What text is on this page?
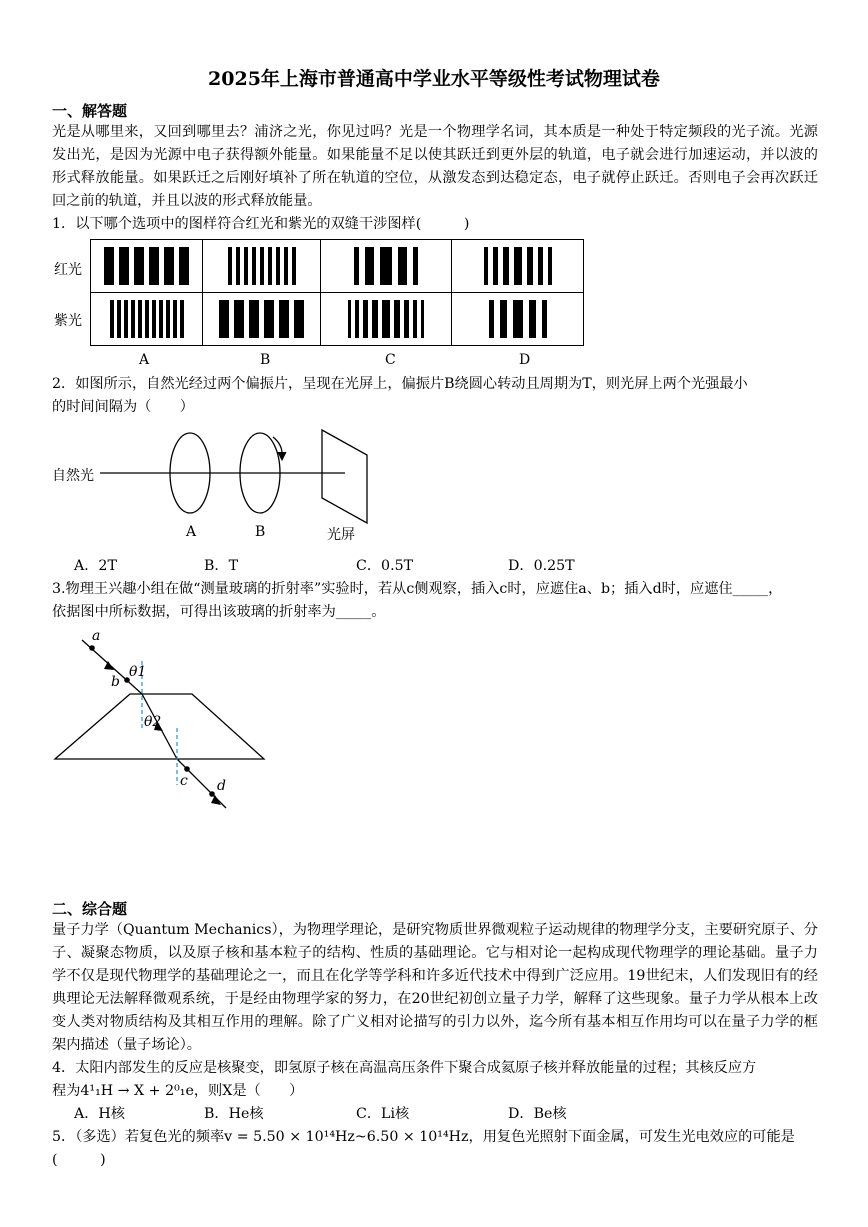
2025年上海市普通高中学业水平等级性考试物理试卷
一、解答题
光是从哪里来，又回到哪里去？浦济之光，你见过吗？光是一个物理学名词，其本质是一种处于特定频段的光子流。光源发出光，是因为光源中电子获得额外能量。如果能量不足以使其跃迁到更外层的轨道，电子就会进行加速运动，并以波的形式释放能量。如果跃迁之后刚好填补了所在轨道的空位，从激发态到达稳定态，电子就停止跃迁。否则电子会再次跃迁回之前的轨道，并且以波的形式释放能量。
1．以下哪个选项中的图样符合红光和紫光的双缝干涉图样(　　　)
红光
紫光

A	B	C	D
2．如图所示，自然光经过两个偏振片，呈现在光屏上，偏振片B绕圆心转动且周期为T，则光屏上两个光强最小
的时间间隔为（　　）
自然光
A	B	光屏
A．2T	B．T	C．0.5T	D．0.25T
3.物理王兴趣小组在做“测量玻璃的折射率”实验时，若从c侧观察，插入c时，应遮住a、b；插入d时，应遮住_____，
依据图中所标数据，可得出该玻璃的折射率为_____。
a
b
c d
θ1
θ2
二、综合题
量子力学（Quantum Mechanics），为物理学理论，是研究物质世界微观粒子运动规律的物理学分支，主要研究原子、分子、凝聚态物质，以及原子核和基本粒子的结构、性质的基础理论。它与相对论一起构成现代物理学的理论基础。量子力学不仅是现代物理学的基础理论之一，而且在化学等学科和许多近代技术中得到广泛应用。19世纪末，人们发现旧有的经典理论无法解释微观系统，于是经由物理学家的努力，在20世纪初创立量子力学，解释了这些现象。量子力学从根本上改变人类对物质结构及其相互作用的理解。除了广义相对论描写的引力以外，迄今所有基本相互作用均可以在量子力学的框架内描述（量子场论）。
4．太阳内部发生的反应是核聚变，即氢原子核在高温高压条件下聚合成氦原子核并释放能量的过程；其核反应方
程为4¹₁H → X + 2⁰₁e，则X是（　　）
A．H核	B．He核	C．Li核	D．Be核
5．（多选）若复色光的频率v = 5.50 × 10¹⁴Hz~6.50 × 10¹⁴Hz，用复色光照射下面金属，可发生光电效应的可能是
(　　　)
